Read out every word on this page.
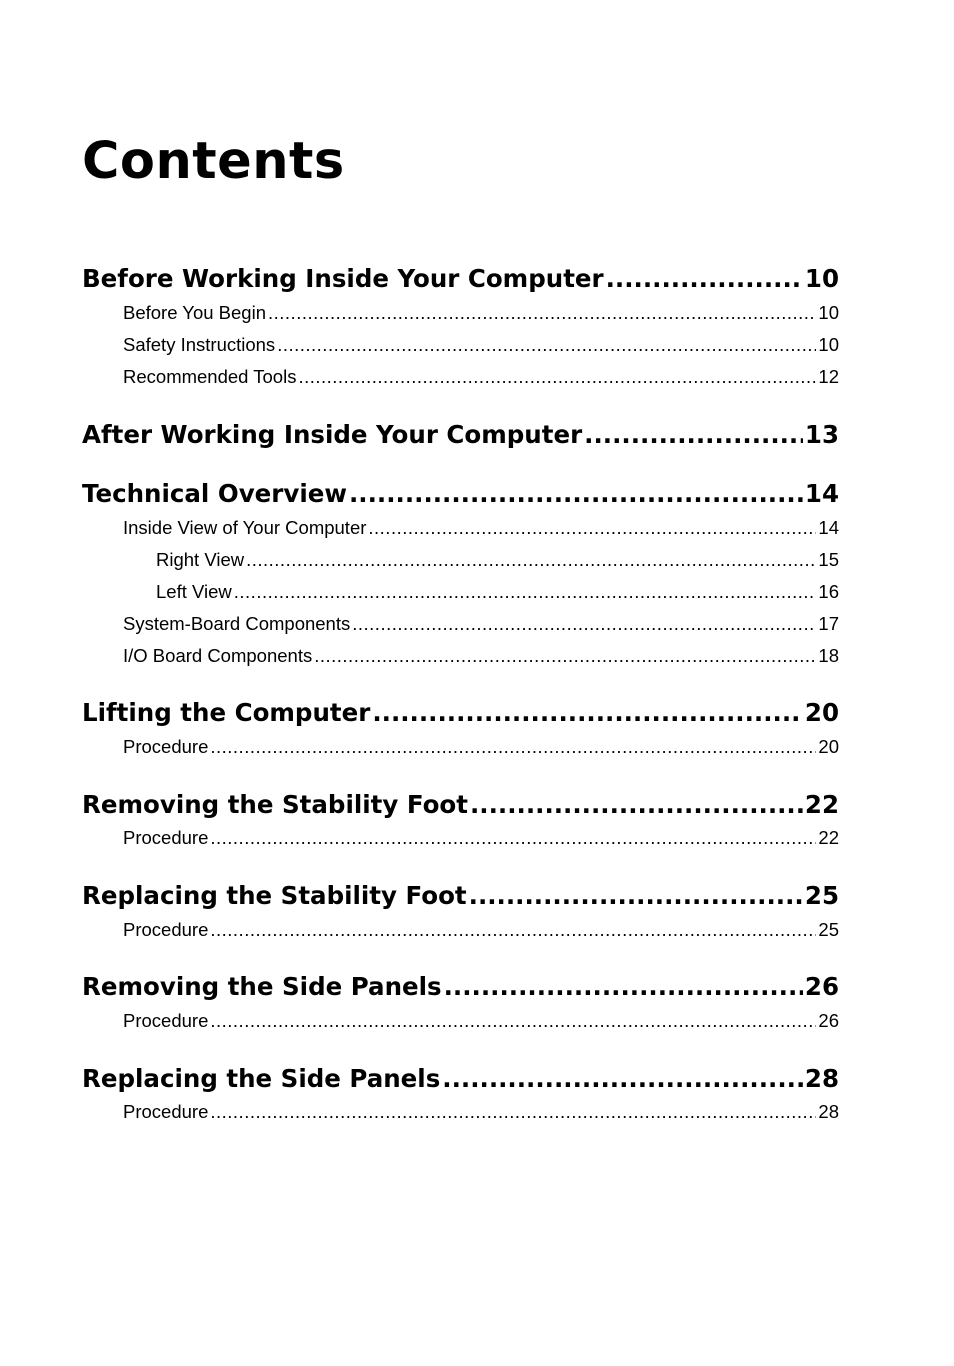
Contents
Before Working Inside Your Computer .....	10
Before You Begin .....	10
Safety Instructions .....	10
Recommended Tools .....	12
After Working Inside Your Computer .....	13
Technical Overview .....	14
Inside View of Your Computer .....	14
Right View .....	15
Left View .....	16
System-Board Components .....	17
I/O Board Components .....	18
Lifting the Computer .....	20
Procedure .....	20
Removing the Stability Foot .....	22
Procedure .....	22
Replacing the Stability Foot .....	25
Procedure .....	25
Removing the Side Panels .....	26
Procedure .....	26
Replacing the Side Panels .....	28
Procedure .....	28
